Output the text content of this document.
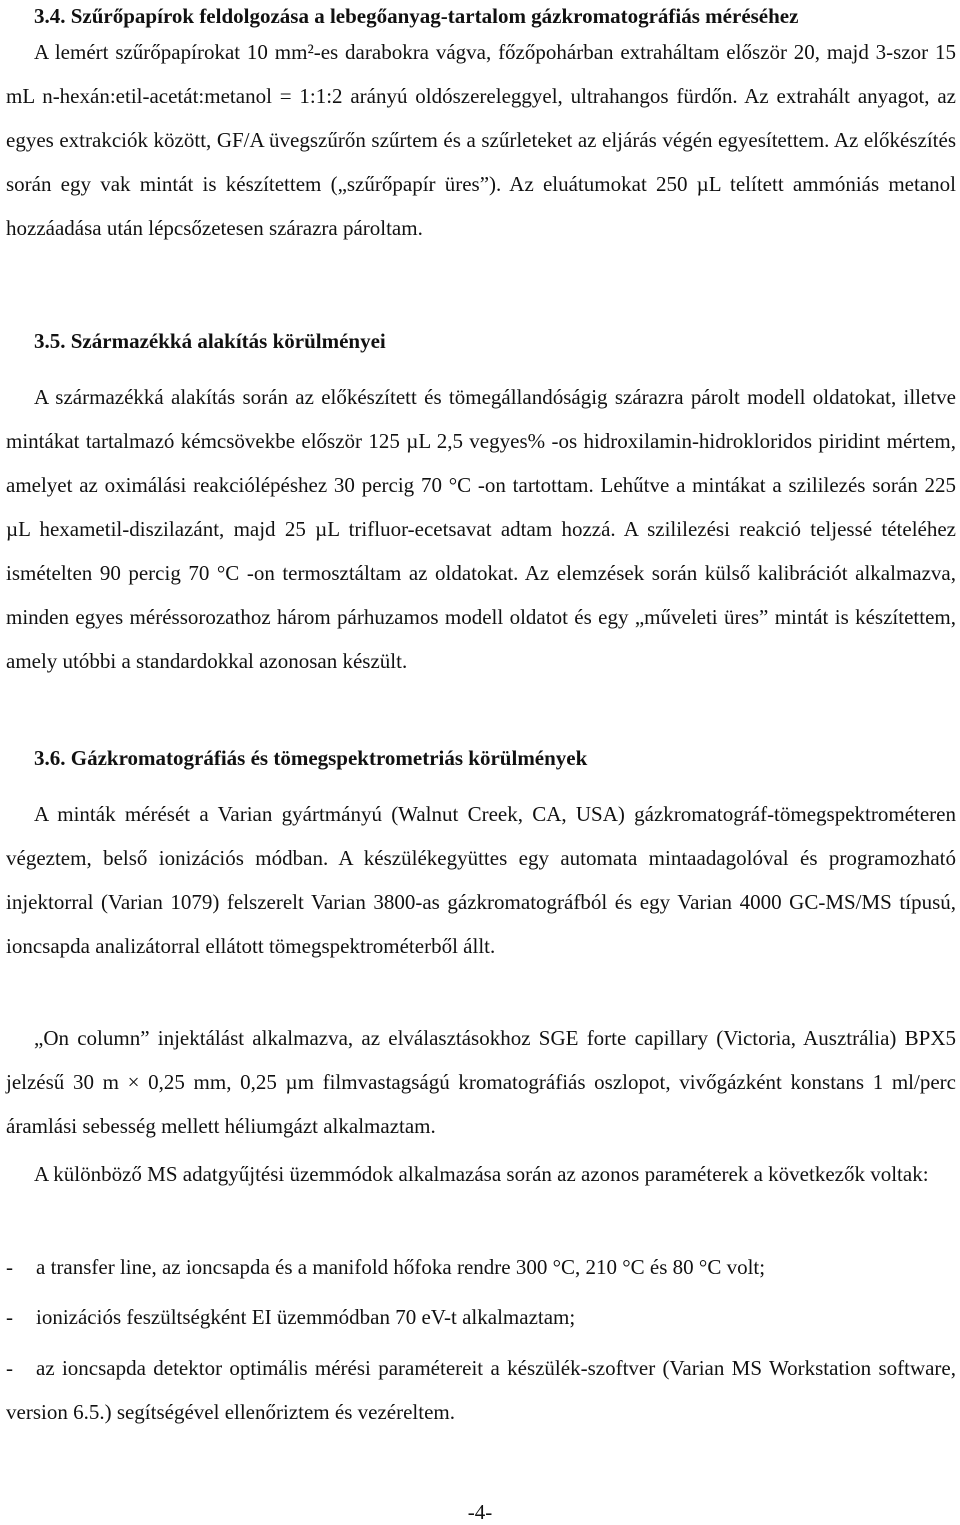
3.4. Szűrőpapírok feldolgozása a lebegőanyag-tartalom gázkromatográfiás méréséhez

A lemért szűrőpapírokat 10 mm²-es darabokra vágva, főzőpohárban extraháltam először 20, majd 3-szor 15 mL n-hexán:etil-acetát:metanol = 1:1:2 arányú oldószereleggyel, ultrahangos fürdőn. Az extrahált anyagot, az egyes extrakciók között, GF/A üvegszűrőn szűrtem és a szűrleteket az eljárás végén egyesítettem. Az előkészítés során egy vak mintát is készítettem („szűrőpapír üres”). Az eluátumokat 250 µL telített ammóniás metanol hozzáadása után lépcsőzetesen szárazra pároltam.

3.5. Származékká alakítás körülményei

A származékká alakítás során az előkészített és tömegállandóságig szárazra párolt modell oldatokat, illetve mintákat tartalmazó kémcsövekbe először 125 µL 2,5 vegyes% -os hidroxilamin-hidrokloridos piridint mértem, amelyet az oximálási reakciólépéshez 30 percig 70 °C -on tartottam. Lehűtve a mintákat a szililezés során 225 µL hexametil-diszilazánt, majd 25 µL trifluor-ecetsavat adtam hozzá. A szililezési reakció teljessé tételéhez ismételten 90 percig 70 °C -on termosztáltam az oldatokat. Az elemzések során külső kalibrációt alkalmazva, minden egyes méréssorozathoz három párhuzamos modell oldatot és egy „műveleti üres” mintát is készítettem, amely utóbbi a standardokkal azonosan készült.

3.6. Gázkromatográfiás és tömegspektrometriás körülmények

A minták mérését a Varian gyártmányú (Walnut Creek, CA, USA) gázkromatográf-tömegspektrométeren végeztem, belső ionizációs módban. A készülékegyüttes egy automata mintaadagolóval és programozható injektorral (Varian 1079) felszerelt Varian 3800-as gázkromatográfból és egy Varian 4000 GC-MS/MS típusú, ioncsapda analizátorral ellátott tömegspektrométerből állt.

„On column” injektálást alkalmazva, az elválasztásokhoz SGE forte capillary (Victoria, Ausztrália) BPX5 jelzésű 30 m × 0,25 mm, 0,25 µm filmvastagságú kromatográfiás oszlopot, vivőgázként konstans 1 ml/perc áramlási sebesség mellett héliumgázt alkalmaztam.

A különböző MS adatgyűjtési üzemmódok alkalmazása során az azonos paraméterek a következők voltak:

- a transfer line, az ioncsapda és a manifold hőfoka rendre 300 °C, 210 °C és 80 °C volt;
- ionizációs feszültségként EI üzemmódban 70 eV-t alkalmaztam;
- az ioncsapda detektor optimális mérési paramétereit a készülék-szoftver (Varian MS Workstation software, version 6.5.) segítségével ellenőriztem és vezéreltem.
-4-
